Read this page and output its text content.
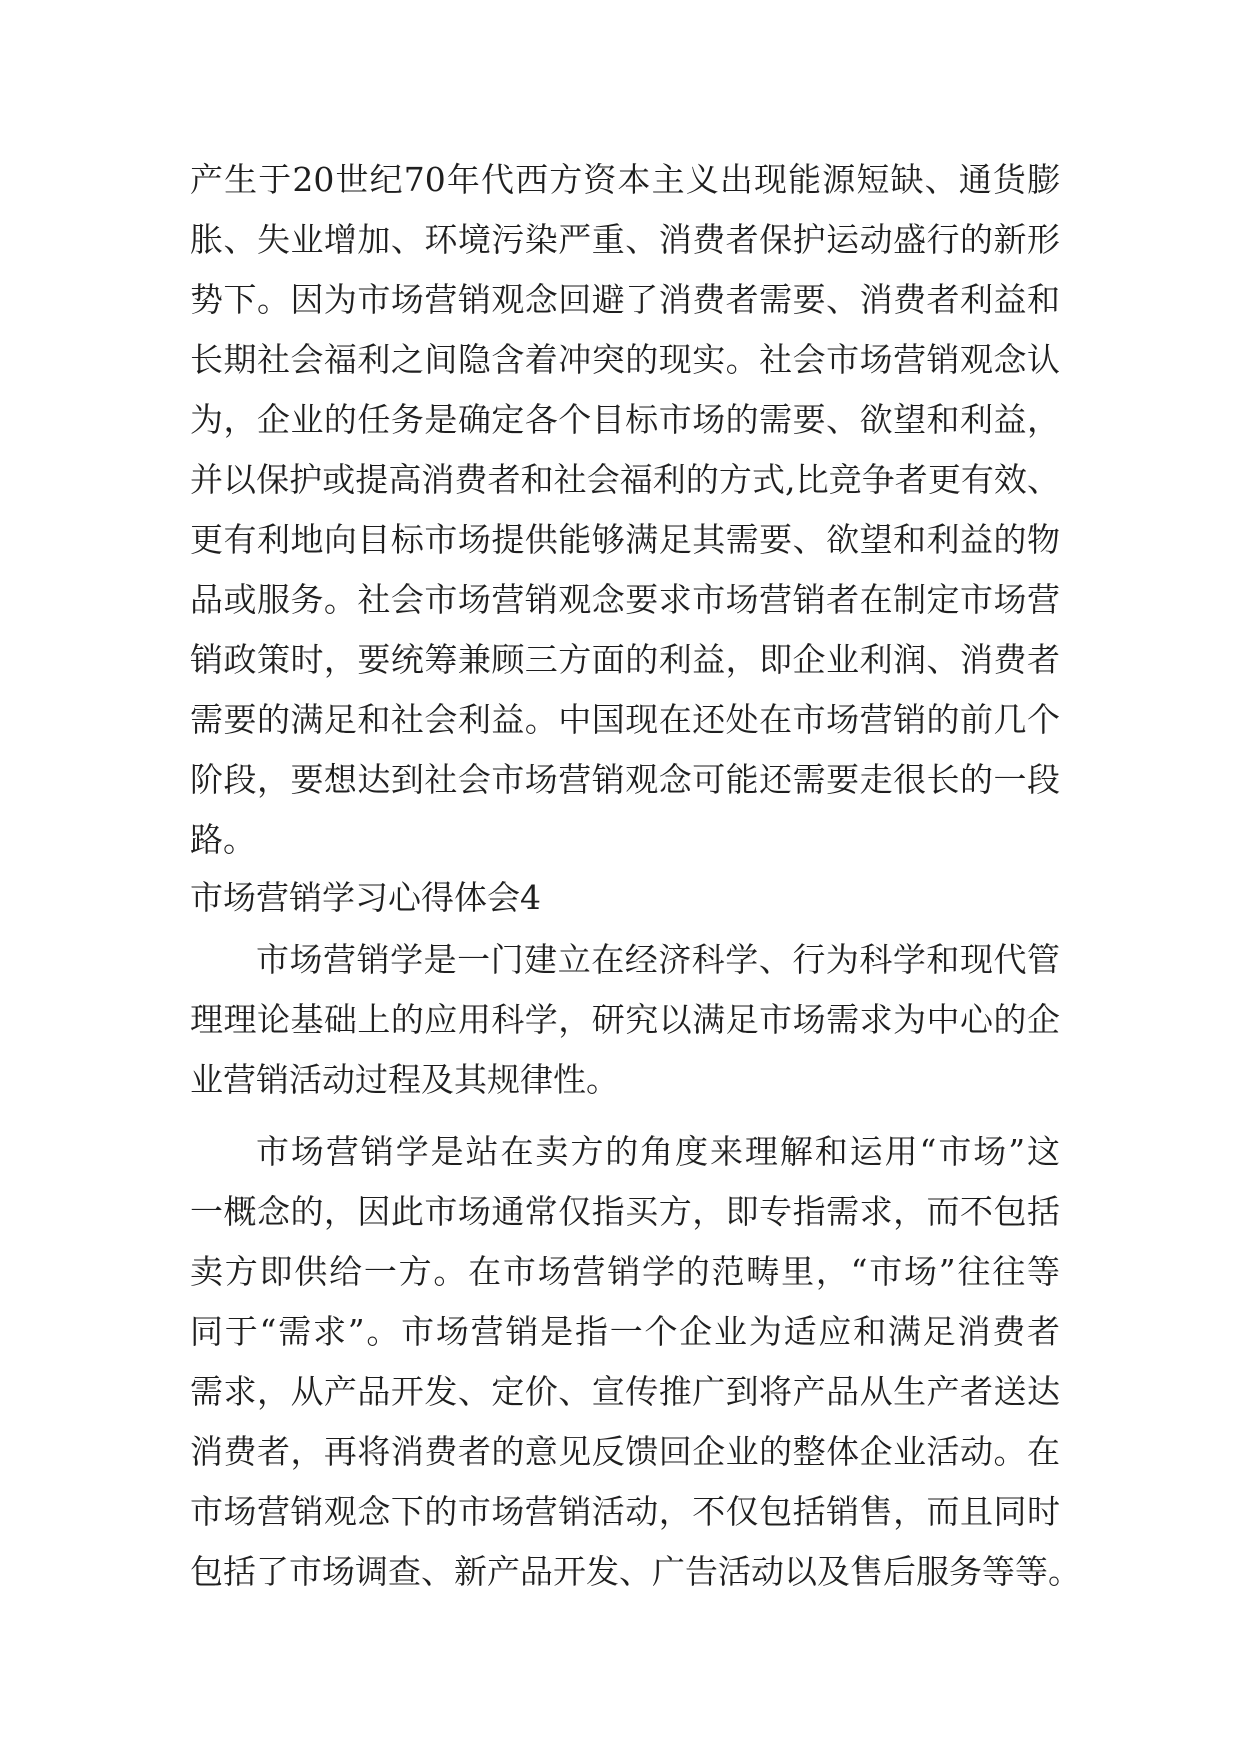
产生于20世纪70年代西方资本主义出现能源短缺、通货膨
胀、失业增加、环境污染严重、消费者保护运动盛行的新形
势下。因为市场营销观念回避了消费者需要、消费者利益和
长期社会福利之间隐含着冲突的现实。社会市场营销观念认
为，企业的任务是确定各个目标市场的需要、欲望和利益，
并以保护或提高消费者和社会福利的方式,比竞争者更有效、
更有利地向目标市场提供能够满足其需要、欲望和利益的物
品或服务。社会市场营销观念要求市场营销者在制定市场营
销政策时，要统筹兼顾三方面的利益，即企业利润、消费者
需要的满足和社会利益。中国现在还处在市场营销的前几个
阶段，要想达到社会市场营销观念可能还需要走很长的一段
路。
市场营销学习心得体会4
市场营销学是一门建立在经济科学、行为科学和现代管
理理论基础上的应用科学，研究以满足市场需求为中心的企
业营销活动过程及其规律性。
市场营销学是站在卖方的角度来理解和运用“市场”这
一概念的，因此市场通常仅指买方，即专指需求，而不包括
卖方即供给一方。在市场营销学的范畴里，“市场”往往等
同于“需求”。市场营销是指一个企业为适应和满足消费者
需求，从产品开发、定价、宣传推广到将产品从生产者送达
消费者，再将消费者的意见反馈回企业的整体企业活动。在
市场营销观念下的市场营销活动，不仅包括销售，而且同时
包括了市场调查、新产品开发、广告活动以及售后服务等等。
